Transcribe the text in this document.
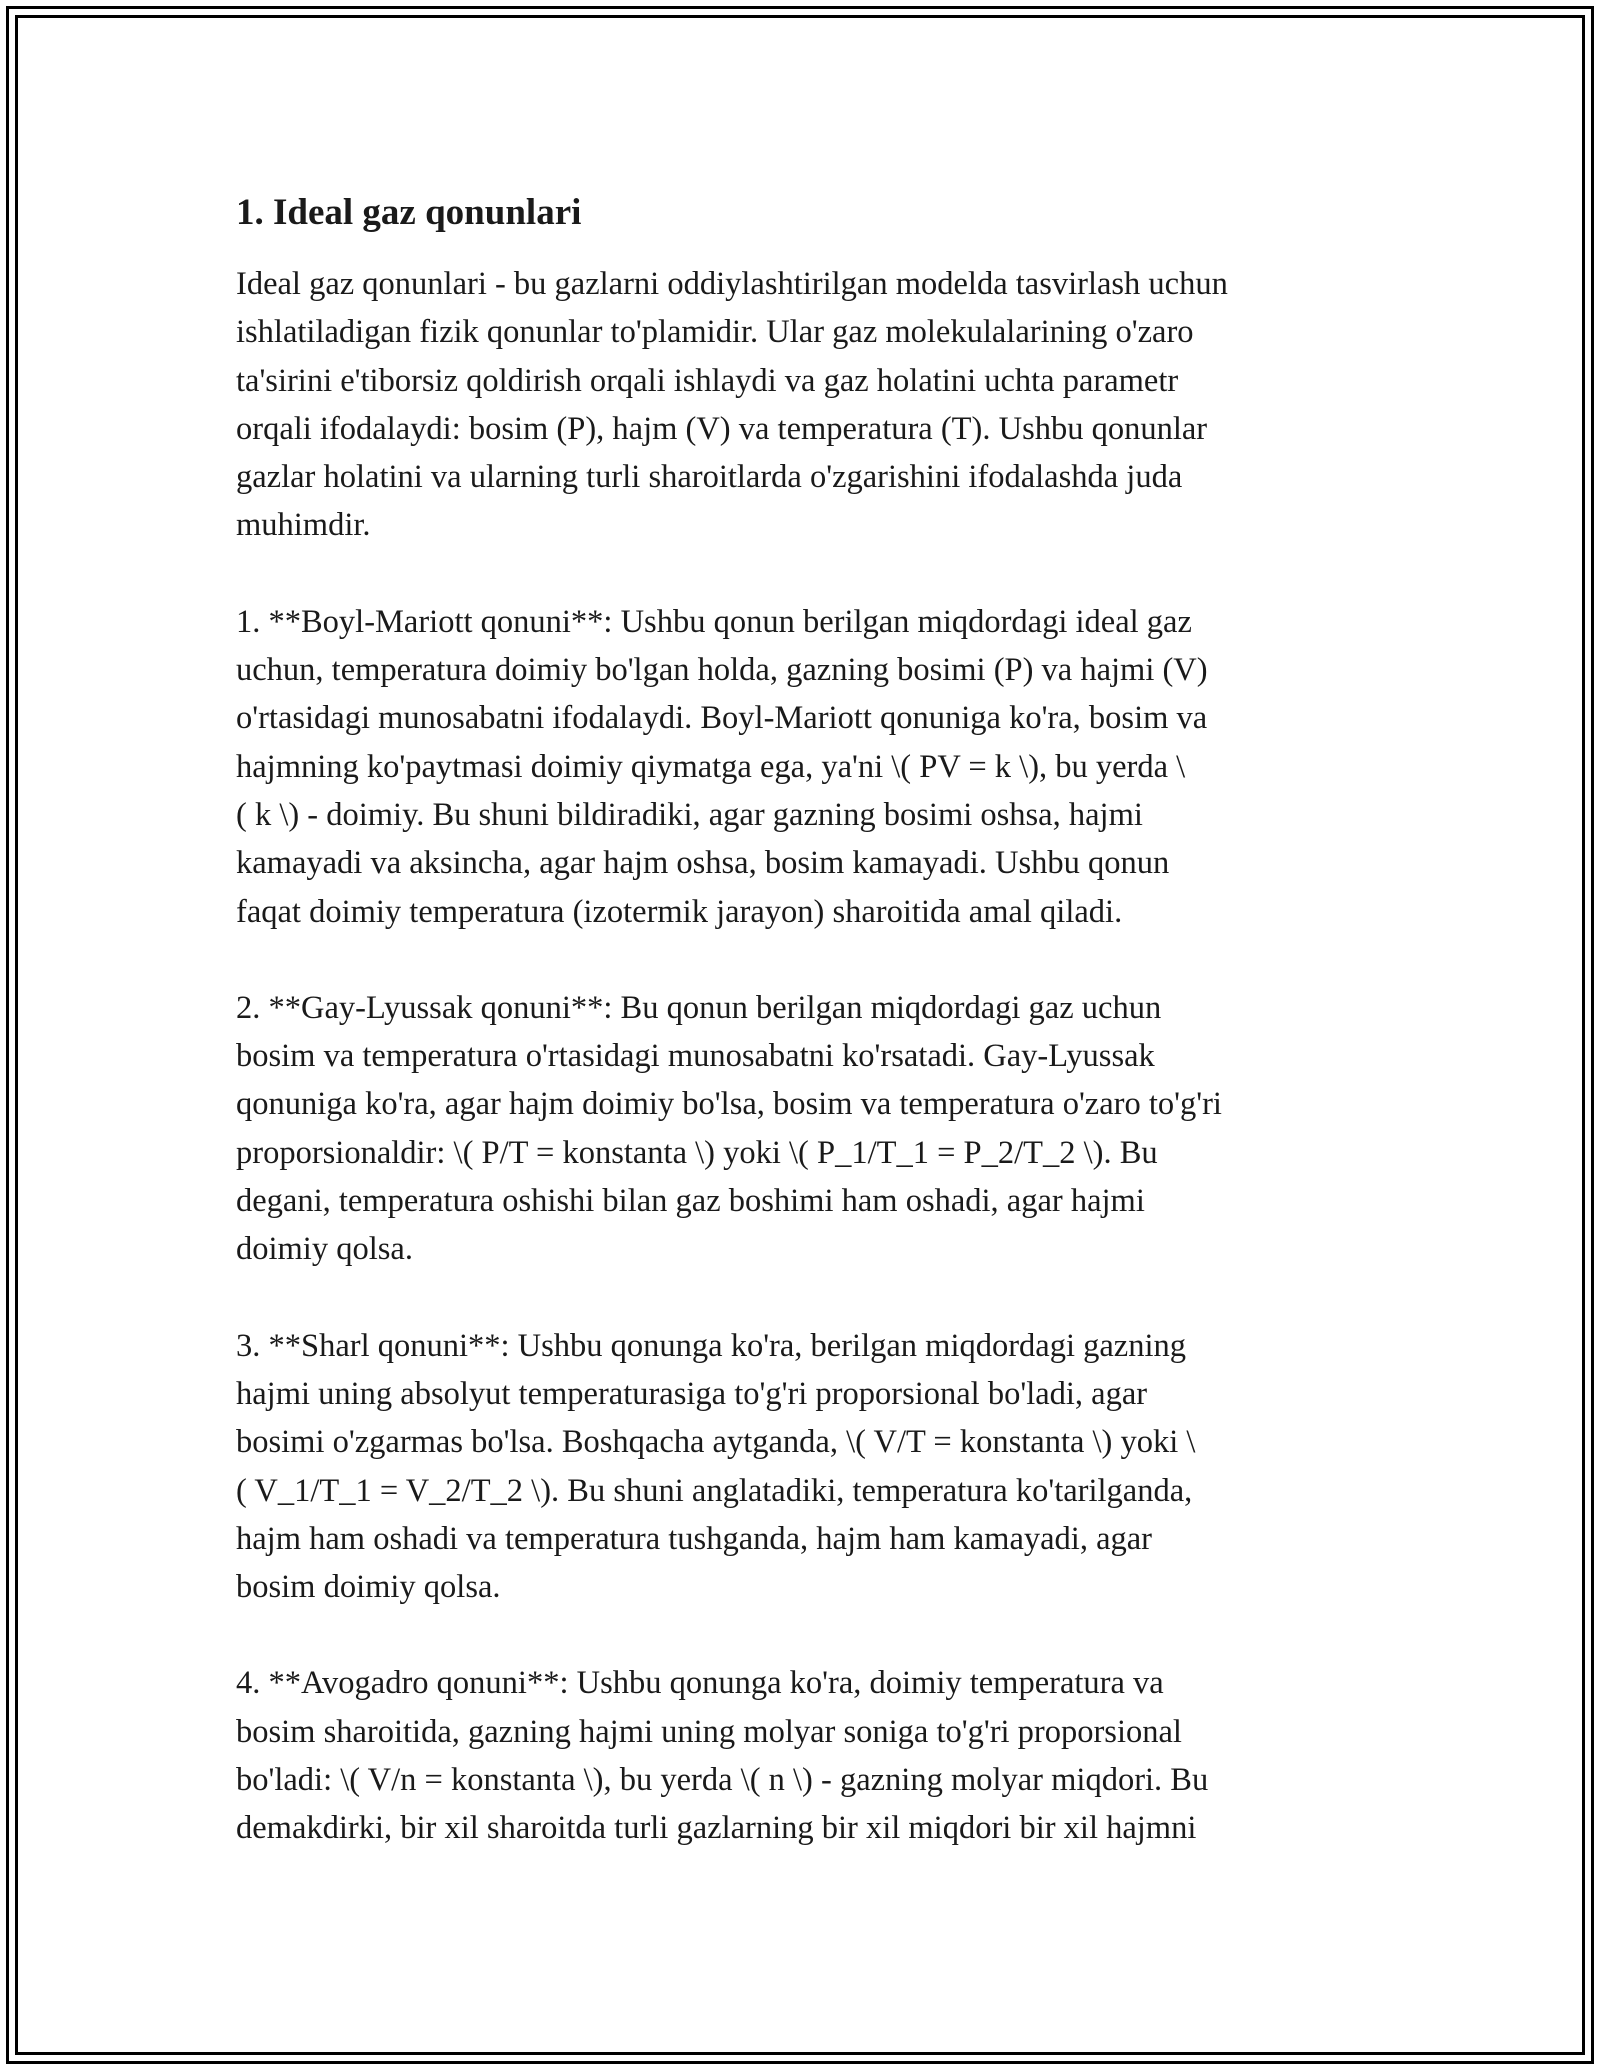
1. Ideal gaz qonunlari
Ideal gaz qonunlari - bu gazlarni oddiylashtirilgan modelda tasvirlash uchun
ishlatiladigan fizik qonunlar to'plamidir. Ular gaz molekulalarining o'zaro
ta'sirini e'tiborsiz qoldirish orqali ishlaydi va gaz holatini uchta parametr
orqali ifodalaydi: bosim (P), hajm (V) va temperatura (T). Ushbu qonunlar
gazlar holatini va ularning turli sharoitlarda o'zgarishini ifodalashda juda
muhimdir.
1. **Boyl-Mariott qonuni**: Ushbu qonun berilgan miqdordagi ideal gaz
uchun, temperatura doimiy bo'lgan holda, gazning bosimi (P) va hajmi (V)
o'rtasidagi munosabatni ifodalaydi. Boyl-Mariott qonuniga ko'ra, bosim va
hajmning ko'paytmasi doimiy qiymatga ega, ya'ni \( PV = k \), bu yerda \
( k \) - doimiy. Bu shuni bildiradiki, agar gazning bosimi oshsa, hajmi
kamayadi va aksincha, agar hajm oshsa, bosim kamayadi. Ushbu qonun
faqat doimiy temperatura (izotermik jarayon) sharoitida amal qiladi.
2. **Gay-Lyussak qonuni**: Bu qonun berilgan miqdordagi gaz uchun
bosim va temperatura o'rtasidagi munosabatni ko'rsatadi. Gay-Lyussak
qonuniga ko'ra, agar hajm doimiy bo'lsa, bosim va temperatura o'zaro to'g'ri
proporsionaldir: \( P/T = konstanta \) yoki \( P_1/T_1 = P_2/T_2 \). Bu
degani, temperatura oshishi bilan gaz boshimi ham oshadi, agar hajmi
doimiy qolsa.
3. **Sharl qonuni**: Ushbu qonunga ko'ra, berilgan miqdordagi gazning
hajmi uning absolyut temperaturasiga to'g'ri proporsional bo'ladi, agar
bosimi o'zgarmas bo'lsa. Boshqacha aytganda, \( V/T = konstanta \) yoki \
( V_1/T_1 = V_2/T_2 \). Bu shuni anglatadiki, temperatura ko'tarilganda,
hajm ham oshadi va temperatura tushganda, hajm ham kamayadi, agar
bosim doimiy qolsa.
4. **Avogadro qonuni**: Ushbu qonunga ko'ra, doimiy temperatura va
bosim sharoitida, gazning hajmi uning molyar soniga to'g'ri proporsional
bo'ladi: \( V/n = konstanta \), bu yerda \( n \) - gazning molyar miqdori. Bu
demakdirki, bir xil sharoitda turli gazlarning bir xil miqdori bir xil hajmni
